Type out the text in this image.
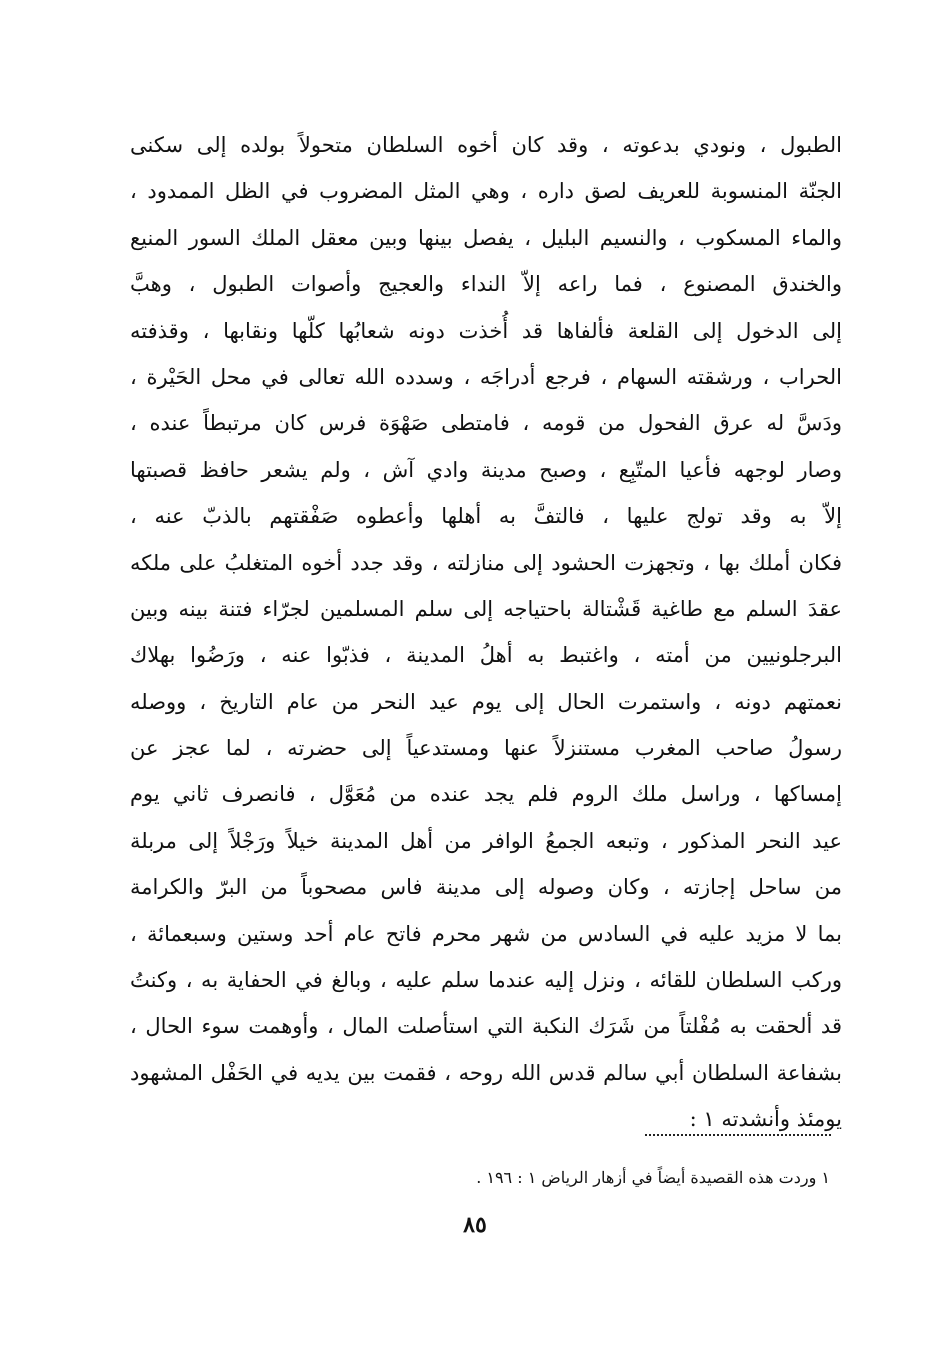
الطبول ، ونودي بدعوته ، وقد كان أخوه السلطان متحولاً بولده إلى سكنى
الجنّة المنسوبة للعريف لصق داره ، وهي المثل المضروب في الظل الممدود ،
والماء المسكوب ، والنسيم البليل ، يفصل بينها وبين معقل الملك السور المنيع
والخندق المصنوع ، فما راعه إلاّ النداء والعجيج وأصوات الطبول ، وهبَّ
إلى الدخول إلى القلعة فألفاها قد أُخذت دونه شعابُها كلّها ونقابها ، وقذفته
الحراب ، ورشقته السهام ، فرجع أدراجَه ، وسدده الله تعالى في محل الحَيْرة ،
ودَسَّ له عرق الفحول من قومه ، فامتطى صَهْوَة فرس كان مرتبطاً عنده ،
وصار لوجهه فأعيا المتّبِع ، وصبح مدينة وادي آش ، ولم يشعر حافظ قصبتها
إلاّ به وقد تولج عليها ، فالتفَّ به أهلها وأعطوه صَفْقتهم بالذبّ عنه ،
فكان أملك بها ، وتجهزت الحشود إلى منازلته ، وقد جدد أخوه المتغلبُ على ملكه
عقدَ السلم مع طاغية قَشْتالة باحتياجه إلى سلم المسلمين لجرّاء فتنة بينه وبين
البرجلونيين من أمته ، واغتبط به أهلُ المدينة ، فذبّوا عنه ، ورَضُوا بهلاك
نعمتهم دونه ، واستمرت الحال إلى يوم عيد النحر من عام التاريخ ، ووصله
رسولُ صاحب المغرب مستنزلاً عنها ومستدعياً إلى حضرته ، لما عجز عن
إمساكها ، وراسل ملك الروم فلم يجد عنده من مُعَوَّل ، فانصرف ثاني يوم
عيد النحر المذكور ، وتبعه الجمعُ الوافر من أهل المدينة خيلاً ورَجْلاً إلى مربلة
من ساحل إجازته ، وكان وصوله إلى مدينة فاس مصحوباً من البرّ والكرامة
بما لا مزيد عليه في السادس من شهر محرم فاتح عام أحد وستين وسبعمائة ،
وركب السلطان للقائه ، ونزل إليه عندما سلم عليه ، وبالغ في الحفاية به ، وكنتُ
قد ألحقت به مُفْلتاً من شَرَك النكبة التي استأصلت المال ، وأوهمت سوء الحال ،
بشفاعة السلطان أبي سالم قدس الله روحه ، فقمت بين يديه في الحَفْل المشهود
يومئذ وأنشدته ١ :
١ وردت هذه القصيدة أيضاً في أزهار الرياض ١ : ١٩٦ .
٨٥
